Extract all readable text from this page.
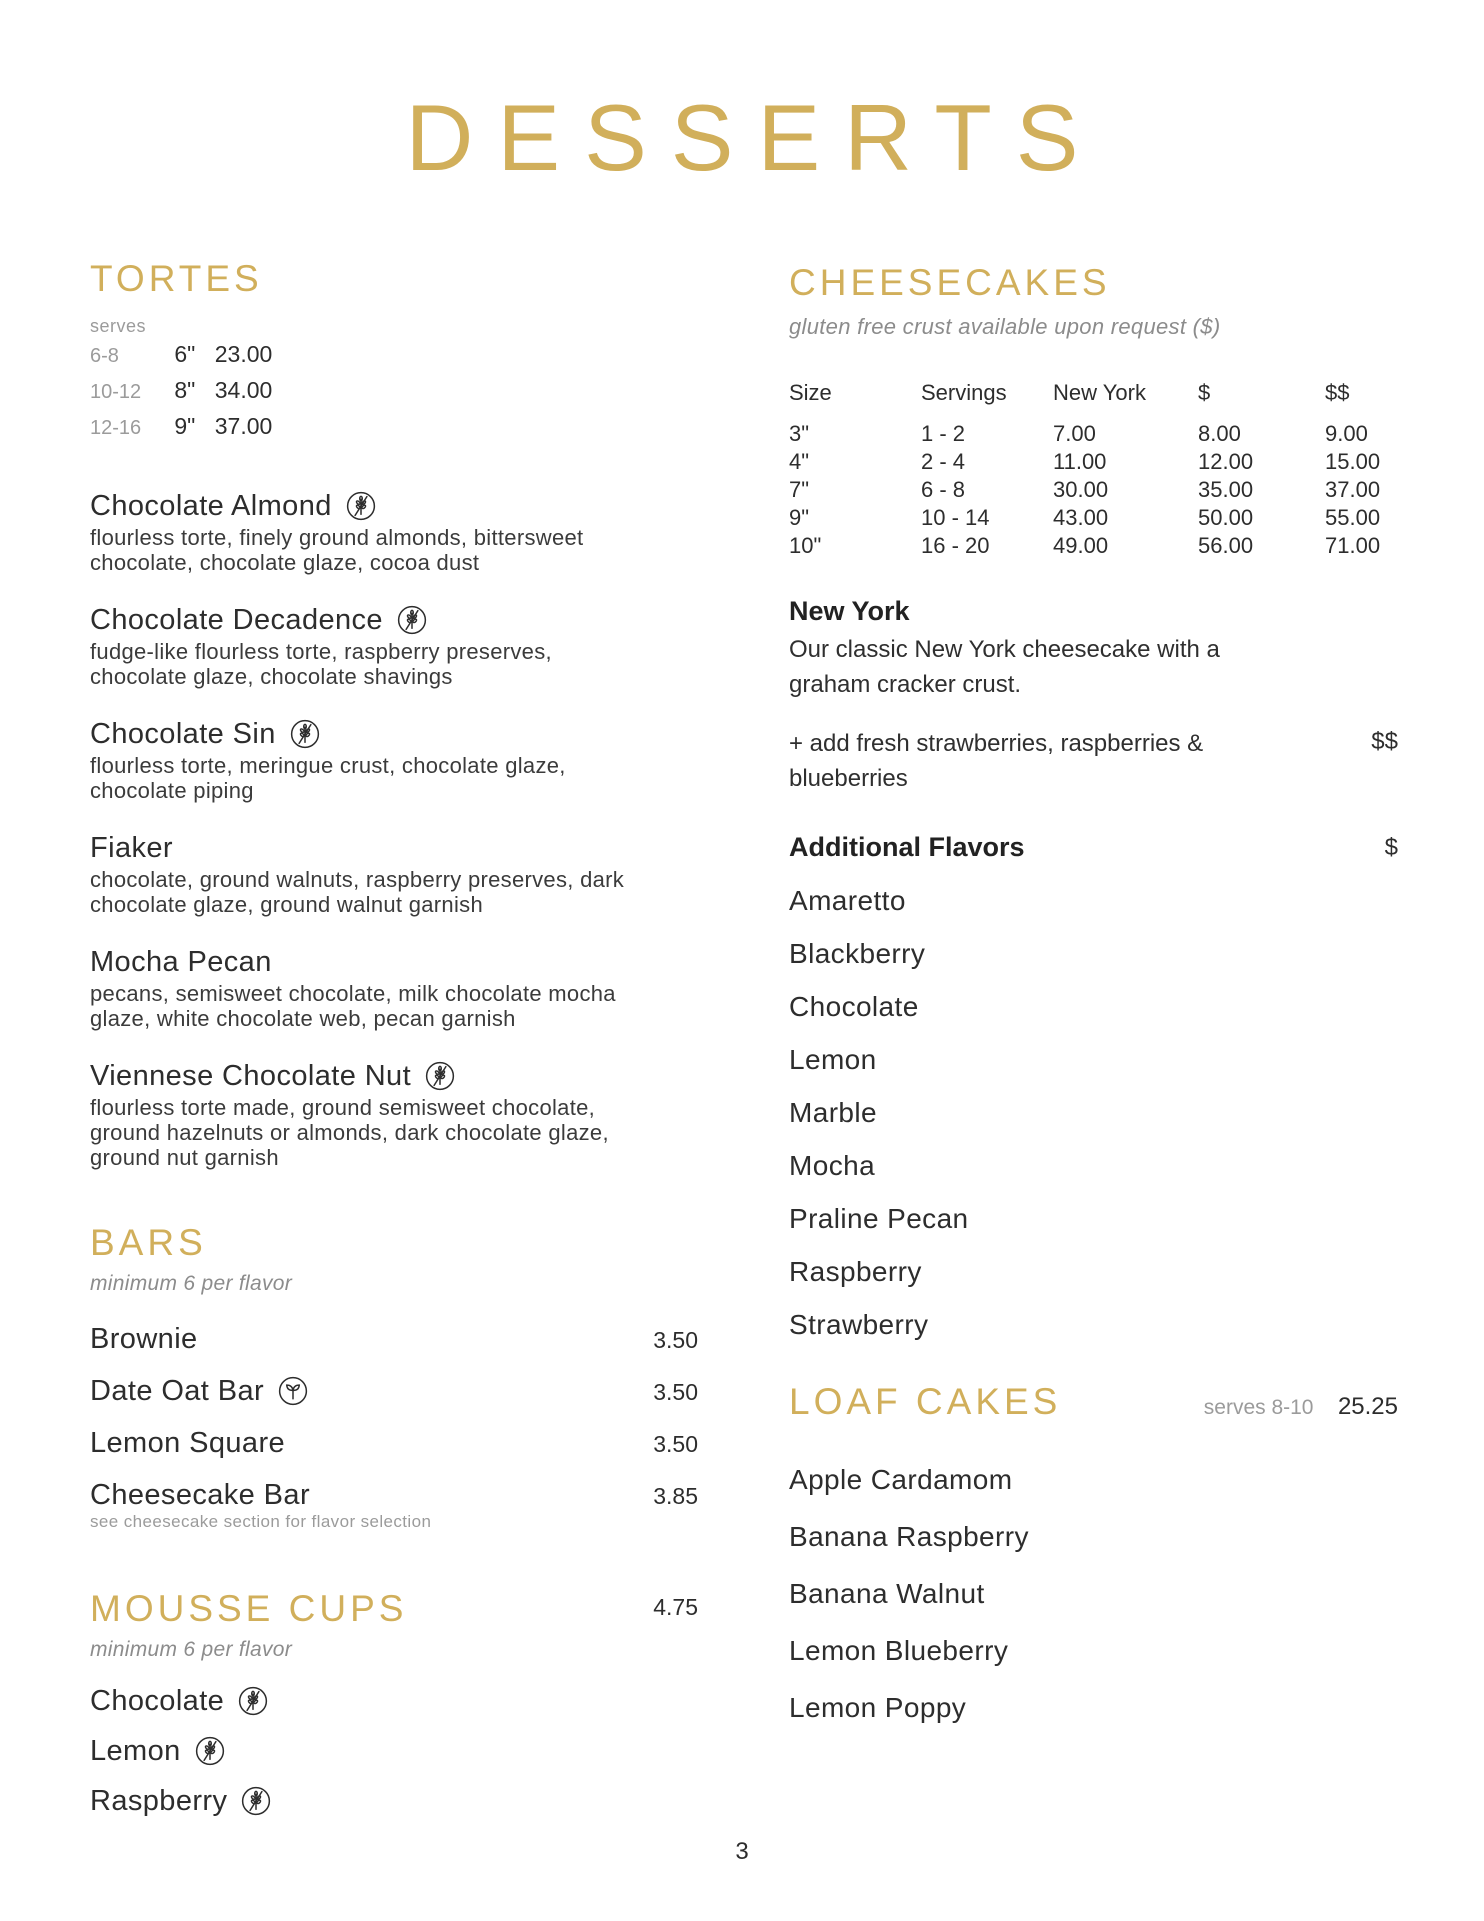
DESSERTS
TORTES
serves
6-8 6" 23.00
10-12 8" 34.00
12-16 9" 37.00
Chocolate Almond
flourless torte, finely ground almonds, bittersweet chocolate, chocolate glaze, cocoa dust
Chocolate Decadence
fudge-like flourless torte, raspberry preserves, chocolate glaze, chocolate shavings
Chocolate Sin
flourless torte, meringue crust, chocolate glaze, chocolate piping
Fiaker
chocolate, ground walnuts, raspberry preserves, dark chocolate glaze, ground walnut garnish
Mocha Pecan
pecans, semisweet chocolate, milk chocolate mocha glaze, white chocolate web, pecan garnish
Viennese Chocolate Nut
flourless torte made, ground semisweet chocolate, ground hazelnuts or almonds, dark chocolate glaze, ground nut garnish
BARS
minimum 6 per flavor
Brownie	3.50
Date Oat Bar	3.50
Lemon Square	3.50
Cheesecake Bar	3.85
see cheesecake section for flavor selection
MOUSSE CUPS	4.75
minimum 6 per flavor
Chocolate
Lemon
Raspberry
CHEESECAKES
gluten free crust available upon request ($)
Size	Servings	New York	$	$$
3"	1 - 2	7.00	8.00	9.00
4"	2 - 4	11.00	12.00	15.00
7"	6 - 8	30.00	35.00	37.00
9"	10 - 14	43.00	50.00	55.00
10"	16 - 20	49.00	56.00	71.00
New York
Our classic New York cheesecake with a graham cracker crust.
+ add fresh strawberries, raspberries & blueberries
$$
Additional Flavors	$
Amaretto
Blackberry
Chocolate
Lemon
Marble
Mocha
Praline Pecan
Raspberry
Strawberry
LOAF CAKES	serves 8-10 25.25
Apple Cardamom
Banana Raspberry
Banana Walnut
Lemon Blueberry
Lemon Poppy
3
